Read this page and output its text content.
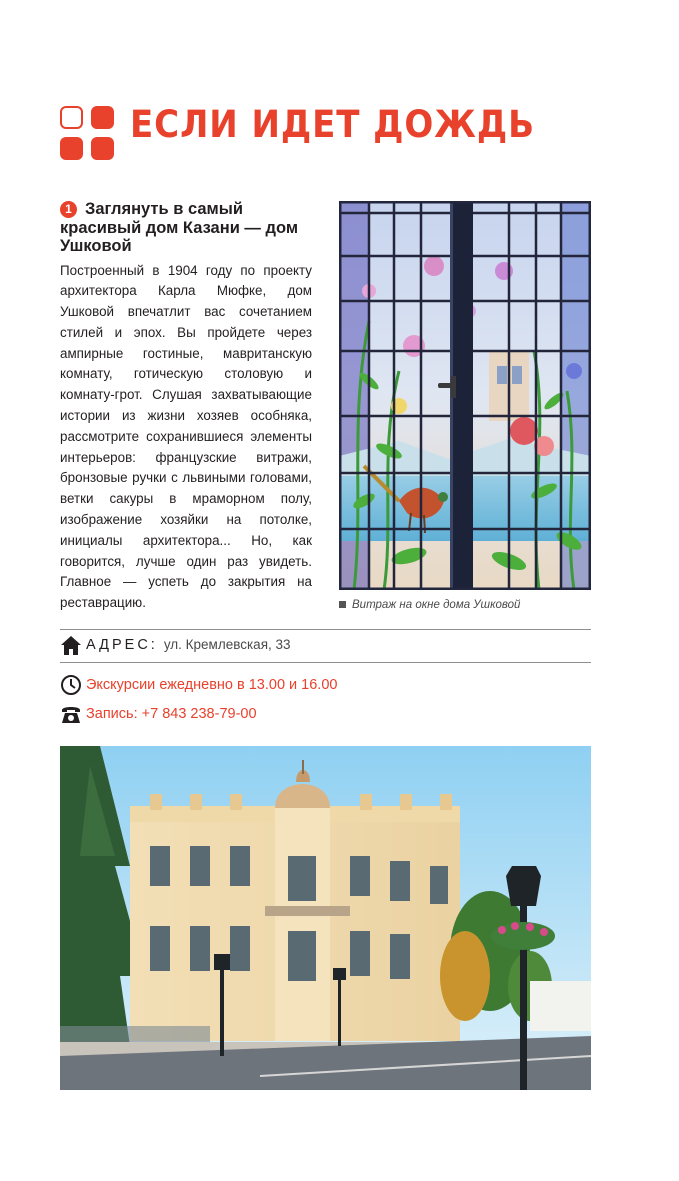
ЕСЛИ ИДЕТ ДОЖДЬ

1 Заглянуть в самый красивый дом Казани — дом Ушковой

Построенный в 1904 году по проекту архитектора Карла Мюфке, дом Ушковой впечатлит вас сочетанием стилей и эпох. Вы пройдете через ампирные гостиные, мавританскую комнату, готическую столовую и комнату-грот. Слушая захватывающие истории из жизни хозяев особняка, рассмотрите сохранившиеся элементы интерьеров: французские витражи, бронзовые ручки с львиными головами, ветки сакуры в мраморном полу, изображение хозяйки на потолке, инициалы архитектора... Но, как говорится, лучше один раз увидеть. Главное — успеть до закрытия на реставрацию.	Витраж на окне дома Ушковой
АДРЕС: ул. Кремлевская, 33
Экскурсии ежедневно в 13.00 и 16.00
Запись: +7 843 238-79-00
